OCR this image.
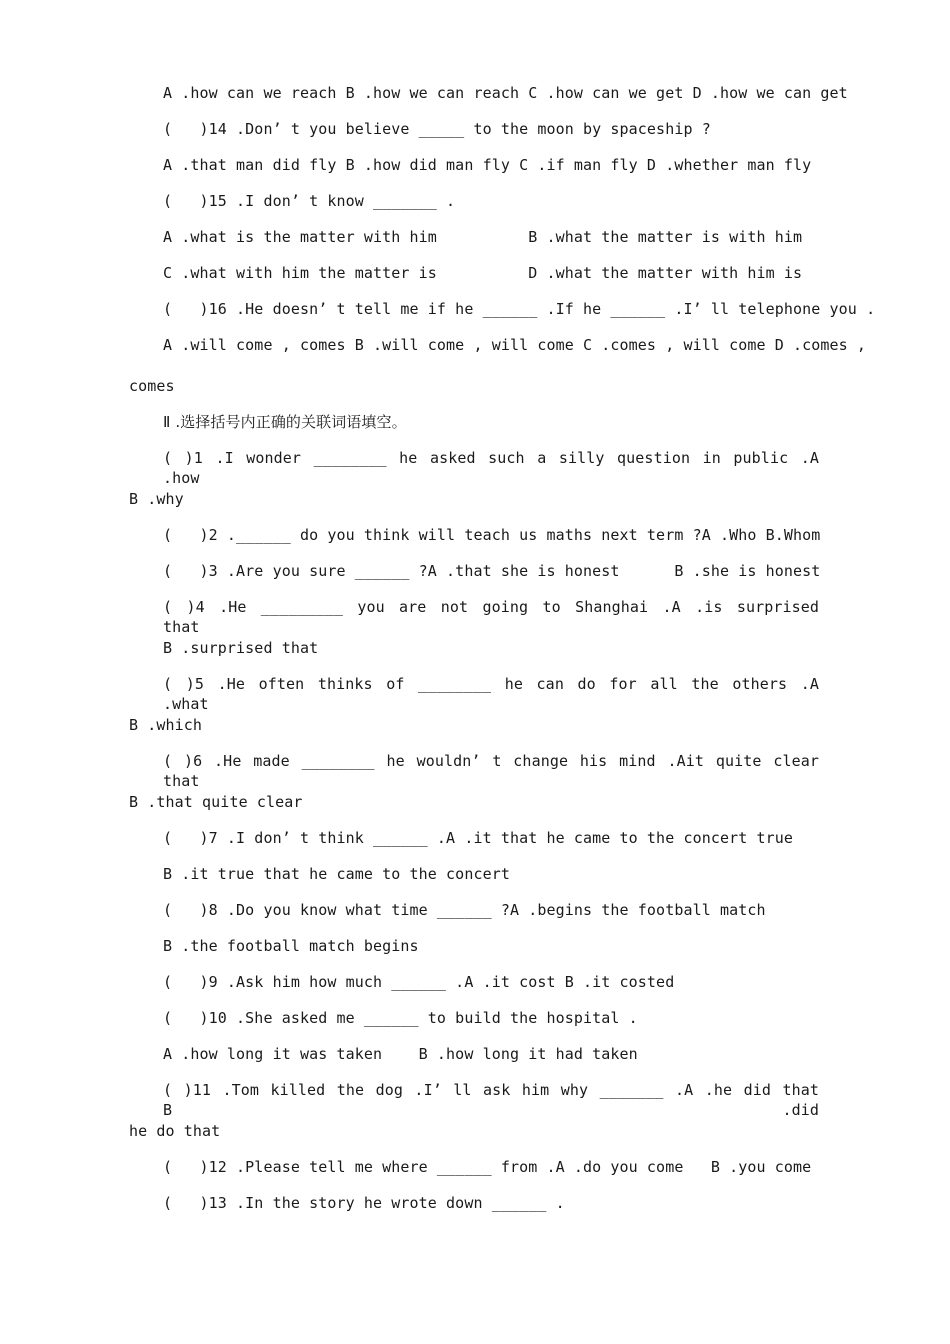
A .how can we reach B .how we can reach C .how can we get D .how we can get
(   )14 .Don’ t you believe _____ to the moon by spaceship ?
A .that man did fly B .how did man fly C .if man fly D .whether man fly
(   )15 .I don’ t know _______ .
A .what is the matter with him          B .what the matter is with him
C .what with him the matter is          D .what the matter with him is
(   )16 .He doesn’ t tell me if he ______ .If he ______ .I’ ll telephone you .
A .will come , comes B .will come , will come C .comes , will come D .comes ,
comes
Ⅱ .选择括号内正确的关联词语填空。
( )1 .I wonder ________ he asked such a silly question in public .A .how
B .why
(   )2 .______ do you think will teach us maths next term ?A .Who B.Whom
(   )3 .Are you sure ______ ?A .that she is honest      B .she is honest
( )4 .He _________ you are not going to Shanghai .A .is surprised that
B .surprised that
( )5 .He often thinks of ________ he can do for all the others .A .what
B .which
( )6 .He made ________ he wouldn’ t change his mind .Ait quite clear that
B .that quite clear
(   )7 .I don’ t think ______ .A .it that he came to the concert true
B .it true that he came to the concert
(   )8 .Do you know what time ______ ?A .begins the football match
B .the football match begins
(   )9 .Ask him how much ______ .A .it cost B .it costed
(   )10 .She asked me ______ to build the hospital .
A .how long it was taken    B .how long it had taken
( )11 .Tom killed the dog .I’ ll ask him why _______ .A .he did that B .did
he do that
(   )12 .Please tell me where ______ from .A .do you come   B .you come
(   )13 .In the story he wrote down ______ .
